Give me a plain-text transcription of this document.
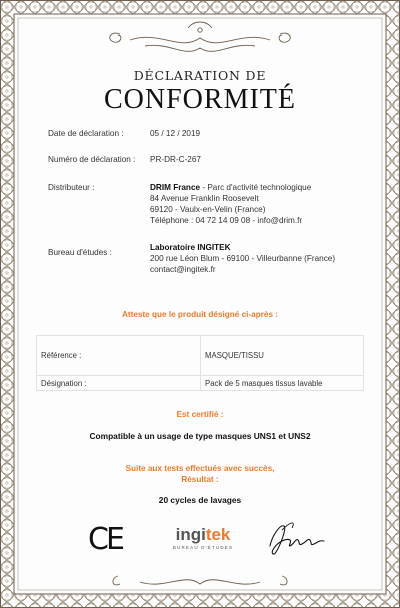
DÉCLARATION DE
CONFORMITÉ
Date de déclaration :	05 / 12 / 2019
Numéro de déclaration : PR-DR-C-267
Distributeur :	DRIM France - Parc d'activité technologique
84 Avenue Franklin Roosevelt
69120 - Vaulx-en-Velin (France)
Téléphone : 04 72 14 09 08 - info@drim.fr
Bureau d'études :
Laboratoire INGITEK
200 rue Léon Blum - 69100 - Villeurbanne (France)
contact@ingitek.fr
Atteste que le produit désigné ci-après :
Référence :	MASQUE/TISSU
Désignation :	Pack de 5 masques tissus lavable
Est certifié :
Compatible à un usage de type masques UNS1 et UNS2
Suite aux tests effectués avec succès,
Résultat :
20 cycles de lavages
CE	ingitek
BUREAU D'ÉTUDES
